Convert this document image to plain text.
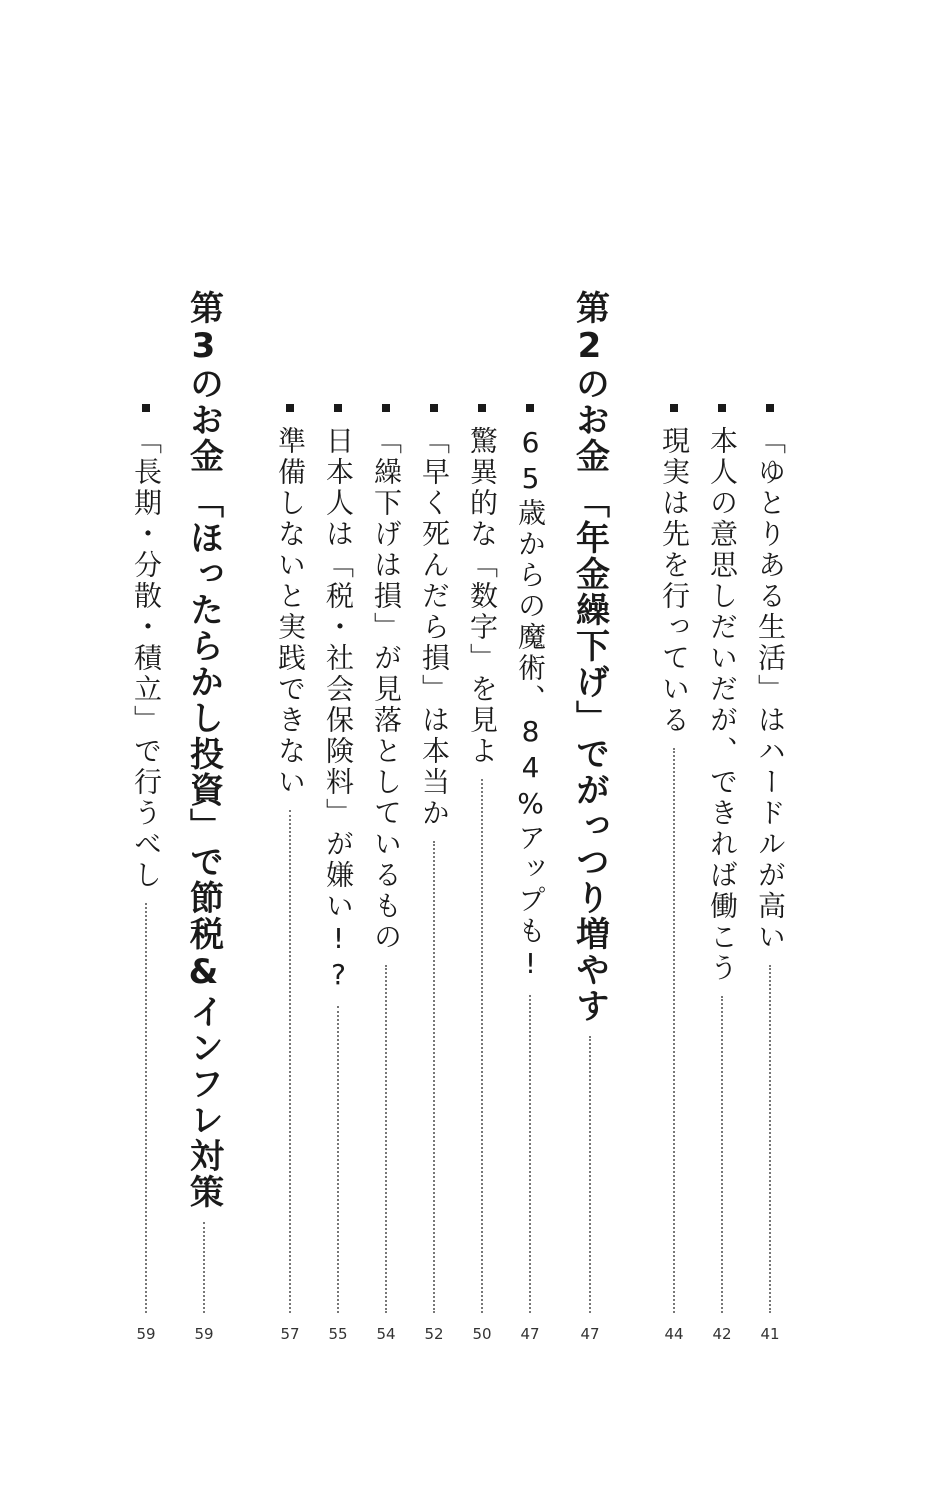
「ゆとりある生活」はハードルが高い
41
本人の意思しだいだが、できれば働こう
42
現実は先を行っている
44
第2のお金「年金繰下げ」でがっつり増やす
47
65歳からの魔術、84%アップも!
47
驚異的な「数字」を見よ
50
「早く死んだら損」は本当か
52
「繰下げは損」が見落としているもの
54
日本人は「税・社会保険料」が嫌い!?
55
準備しないと実践できない
57
第3のお金「ほったらかし投資」で節税&インフレ対策
59
「長期・分散・積立」で行うべし
59
